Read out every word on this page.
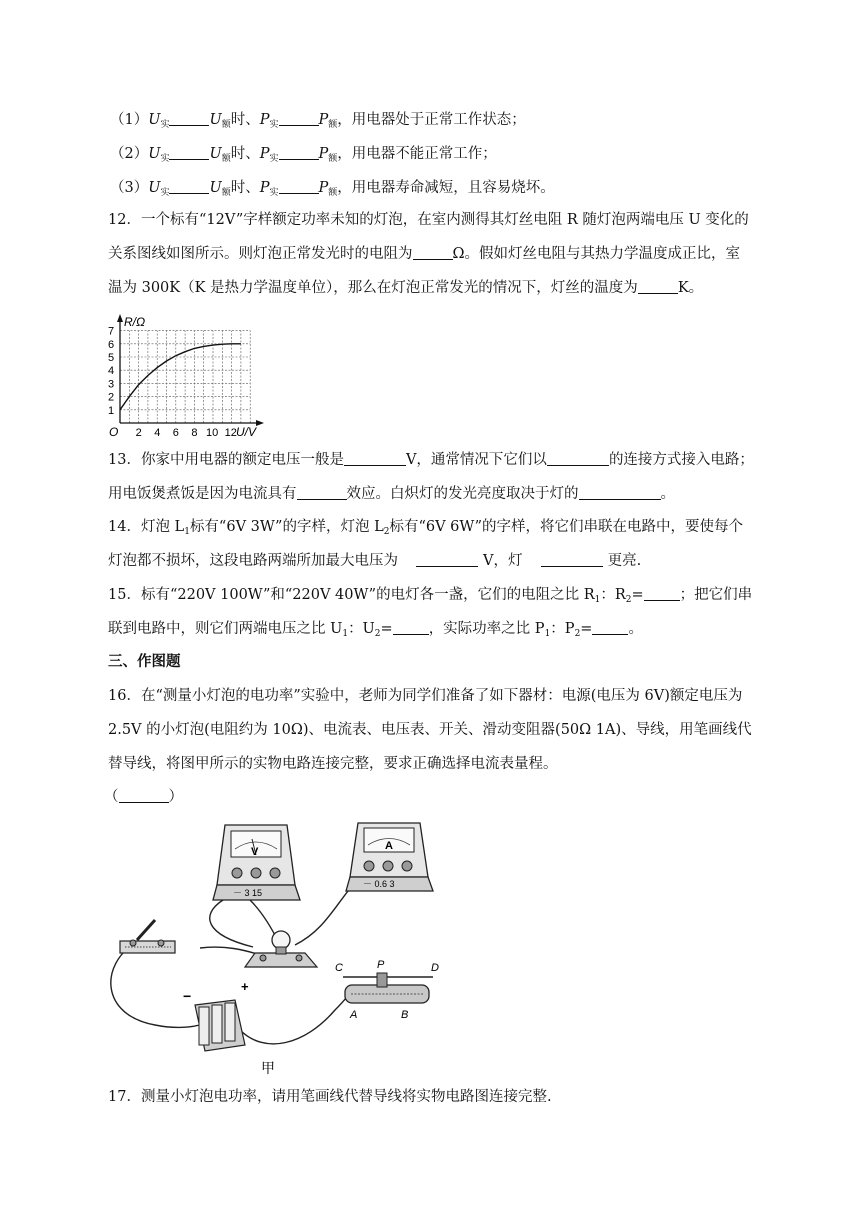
$(1)U_实$	$U_额$时、$P_实$	$P_额$，用电器处于正常工作状态；
$(2)U_实$	$U_额$时、$P_实$	$P_额$，用电器不能正常工作；
$(3)U_实$	$U_额$时、$P_实$	$P_额$，用电器寿命减短，且容易烧坏。
12．一个标有“12V”字样额定功率未知的灯泡，在室内测得其灯丝电阻 R 随灯泡两端电压 U 变化的
关系图线如图所示。则灯泡正常发光时的电阻为	Ω。假如灯丝电阻与其热力学温度成正比，室
温为 300K（K 是热力学温度单位），那么在灯泡正常发光的情况下，灯丝的温度为	K。
1
2
3
4
5
6
7
2 4 6 8 10 12
R/Ω
U/V
O
13．你家中用电器的额定电压一般是	V，通常情况下它们以	的连接方式接入电路；
用电饭煲煮饭是因为电流具有	效应。白炽灯的发光亮度取决于灯的	。
14．灯泡 $L_1$标有“6V 3W”的字样，灯泡 $L_2$标有“6V 6W”的字样，将它们串联在电路中，要使每个
灯泡都不损坏，这段电路两端所加最大电压为	V，灯	更亮.
15．标有“220V 100W”和“220V 40W”的电灯各一盏，它们的电阻之比 $R_1$：$R_2=$ ；把它们串
联到电路中，则它们两端电压之比 $U_1$：$U_2=$ ，实际功率之比 $P_1$：$P_2=$ 。
三、作图题
16．在“测量小灯泡的电功率”实验中，老师为同学们准备了如下器材：电源(电压为 6V)额定电压为
2.5V 的小灯泡(电阻约为 10Ω)、电流表、电压表、开关、滑动变阻器(50Ω 1A)、导线，用笔画线代
替导线，将图甲所示的实物电路连接完整，要求正确选择电流表量程。
（	）
V
－ 3 15
A
－ 0.6 3
−
+
C	P	D
A	B
甲
17．测量小灯泡电功率，请用笔画线代替导线将实物电路图连接完整.
